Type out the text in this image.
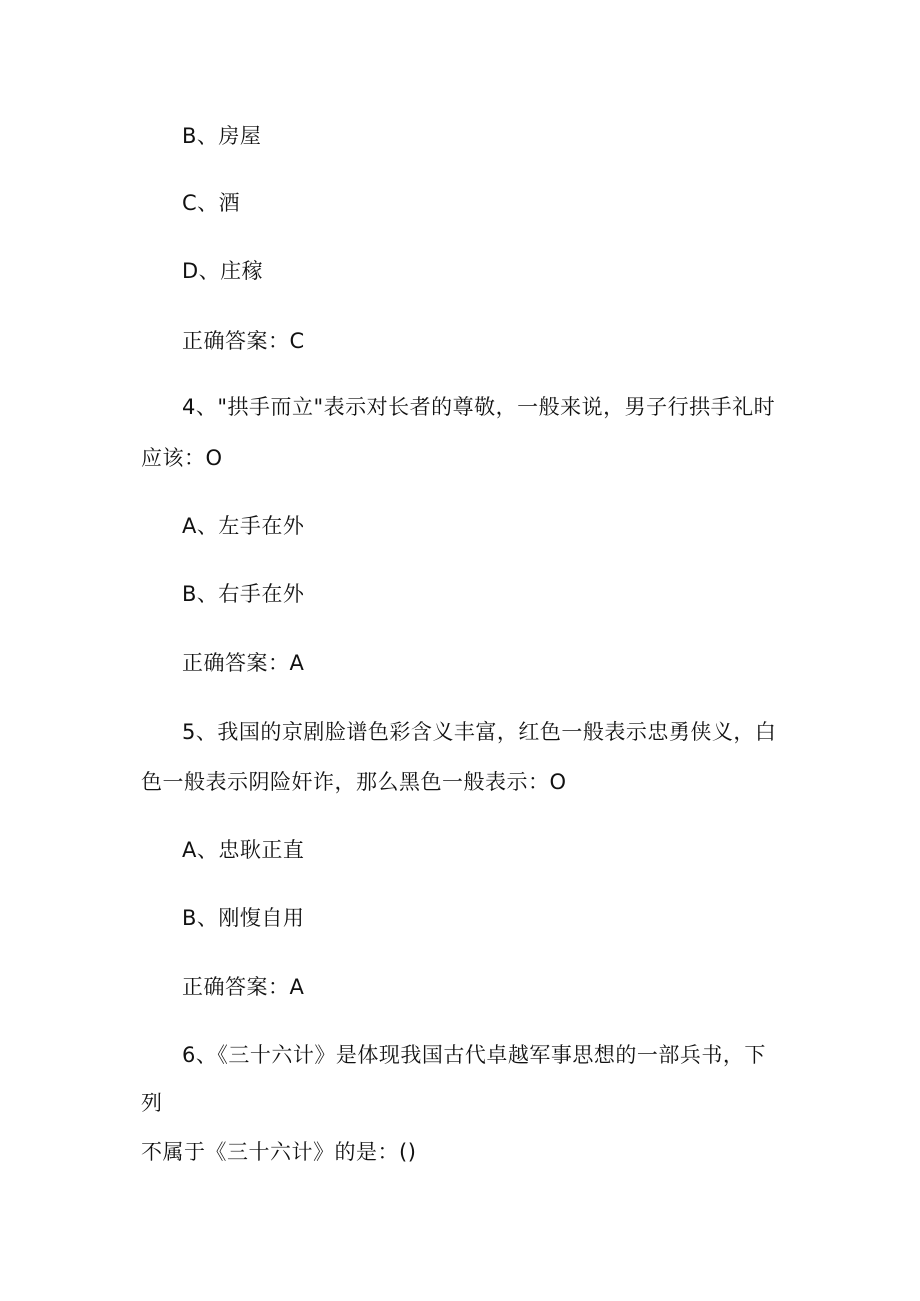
B、房屋
C、酒
D、庄稼
正确答案：C
4、"拱手而立"表示对长者的尊敬，一般来说，男子行拱手礼时
应该：O
A、左手在外
B、右手在外
正确答案：A
5、我国的京剧脸谱色彩含义丰富，红色一般表示忠勇侠义，白
色一般表示阴险奸诈，那么黑色一般表示：O
A、忠耿正直
B、刚愎自用
正确答案：A
6、《三十六计》是体现我国古代卓越军事思想的一部兵书，下
列
不属于《三十六计》的是：()
